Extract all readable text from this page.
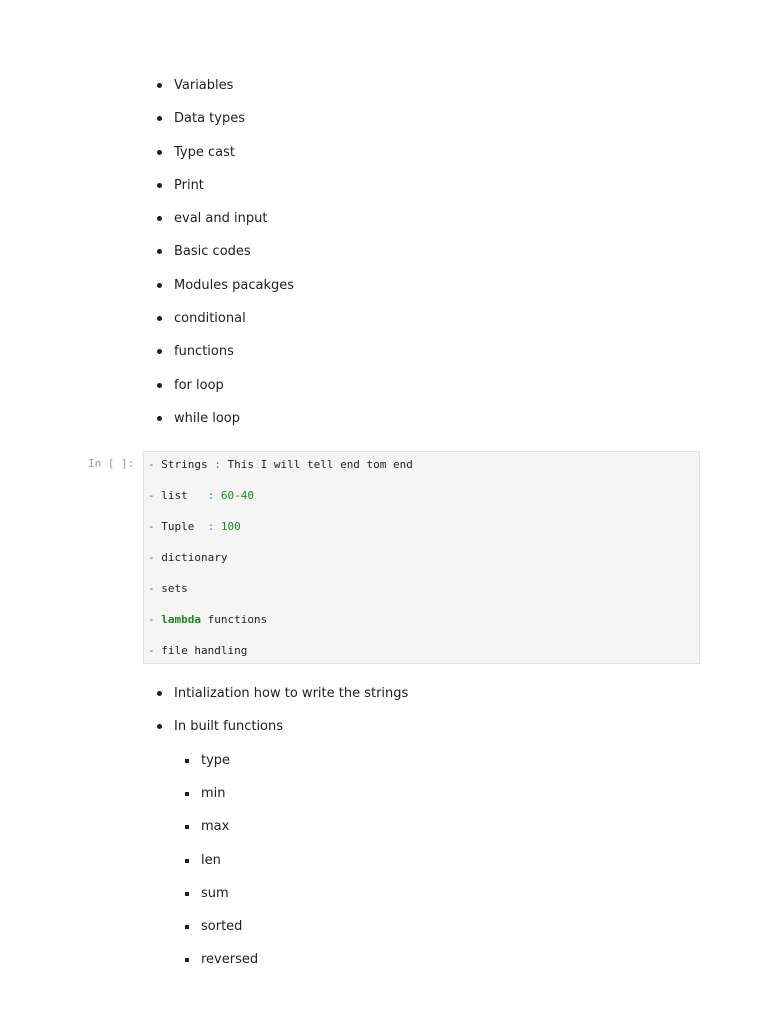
Variables
Data types
Type cast
Print
eval and input
Basic codes
Modules pacakges
conditional
functions
for loop
while loop
In [ ]: - Strings : This I will tell end tom end
- list   : 60-40
- Tuple  : 100
- dictionary
- sets
- lambda functions
- file handling
Intialization how to write the strings
In built functions
type
min
max
len
sum
sorted
reversed
